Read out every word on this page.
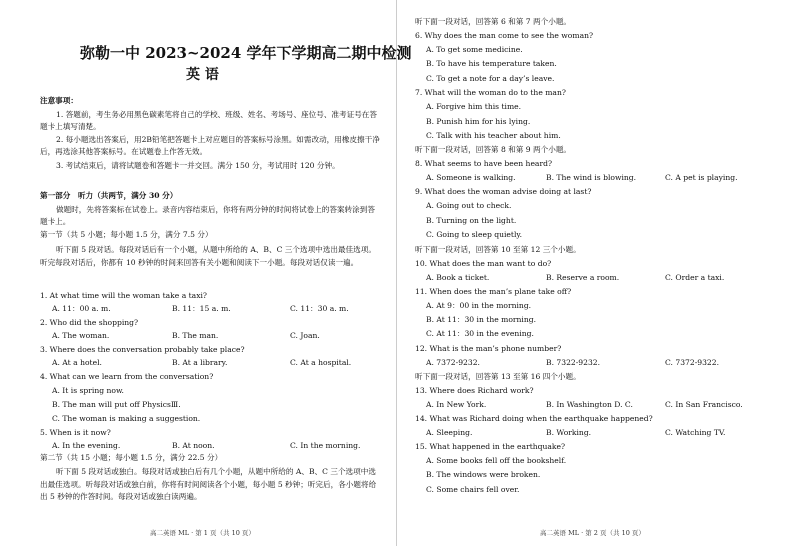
弥勒一中 2023~2024 学年下学期高二期中检测
英 语
注意事项：
1. 答题前，考生务必用黑色碳素笔将自己的学校、班级、姓名、考场号、座位号、准考证号在答题卡上填写清楚。
2. 每小题选出答案后，用2B铅笔把答题卡上对应题目的答案标号涂黑。如需改动，用橡皮擦干净后，再选涂其他答案标号。在试题卷上作答无效。
3. 考试结束后，请将试题卷和答题卡一并交回。满分 150 分，考试用时 120 分钟。
第一部分　听力（共两节，满分 30 分）
做题时，先将答案标在试卷上。录音内容结束后，你将有两分钟的时间将试卷上的答案转涂到答题卡上。
第一节（共 5 小题；每小题 1.5 分，满分 7.5 分）
听下面 5 段对话。每段对话后有一个小题，从题中所给的 A、B、C 三个选项中选出最佳选项。听完每段对话后，你都有 10 秒钟的时间来回答有关小题和阅读下一小题。每段对话仅读一遍。
1. At what time will the woman take a taxi?
A. 11：00 a. m.	B. 11：15 a. m.	C. 11：30 a. m.
2. Who did the shopping?
A. The woman.	B. The man.	C. Joan.
3. Where does the conversation probably take place?
A. At a hotel.	B. At a library.	C. At a hospital.
4. What can we learn from the conversation?
A. It is spring now.
B. The man will put off PhysicsⅢ.
C. The woman is making a suggestion.
5. When is it now?
A. In the evening.	B. At noon.	C. In the morning.
第二节（共 15 小题；每小题 1.5 分，满分 22.5 分）
听下面 5 段对话或独白。每段对话或独白后有几个小题，从题中所给的 A、B、C 三个选项中选出最佳选项。听每段对话或独白前，你将有时间阅读各个小题，每小题 5 秒钟；听完后，各小题将给出 5 秒钟的作答时间。每段对话或独白读两遍。
高二英语 ML · 第 1 页（共 10 页）
听下面一段对话，回答第 6 和第 7 两个小题。
6. Why does the man come to see the woman?
A. To get some medicine.
B. To have his temperature taken.
C. To get a note for a day’s leave.
7. What will the woman do to the man?
A. Forgive him this time.
B. Punish him for his lying.
C. Talk with his teacher about him.
听下面一段对话，回答第 8 和第 9 两个小题。
8. What seems to have been heard?
A. Someone is walking.	B. The wind is blowing.	C. A pet is playing.
9. What does the woman advise doing at last?
A. Going out to check.
B. Turning on the light.
C. Going to sleep quietly.
听下面一段对话，回答第 10 至第 12 三个小题。
10. What does the man want to do?
A. Book a ticket.	B. Reserve a room.	C. Order a taxi.
11. When does the man’s plane take off?
A. At 9：00 in the morning.
B. At 11：30 in the morning.
C. At 11：30 in the evening.
12. What is the man’s phone number?
A. 7372-9232.	B. 7322-9232.	C. 7372-9322.
听下面一段对话，回答第 13 至第 16 四个小题。
13. Where does Richard work?
A. In New York.	B. In Washington D. C.	C. In San Francisco.
14. What was Richard doing when the earthquake happened?
A. Sleeping.	B. Working.	C. Watching TV.
15. What happened in the earthquake?
A. Some books fell off the bookshelf.
B. The windows were broken.
C. Some chairs fell over.
高二英语 ML · 第 2 页（共 10 页）
